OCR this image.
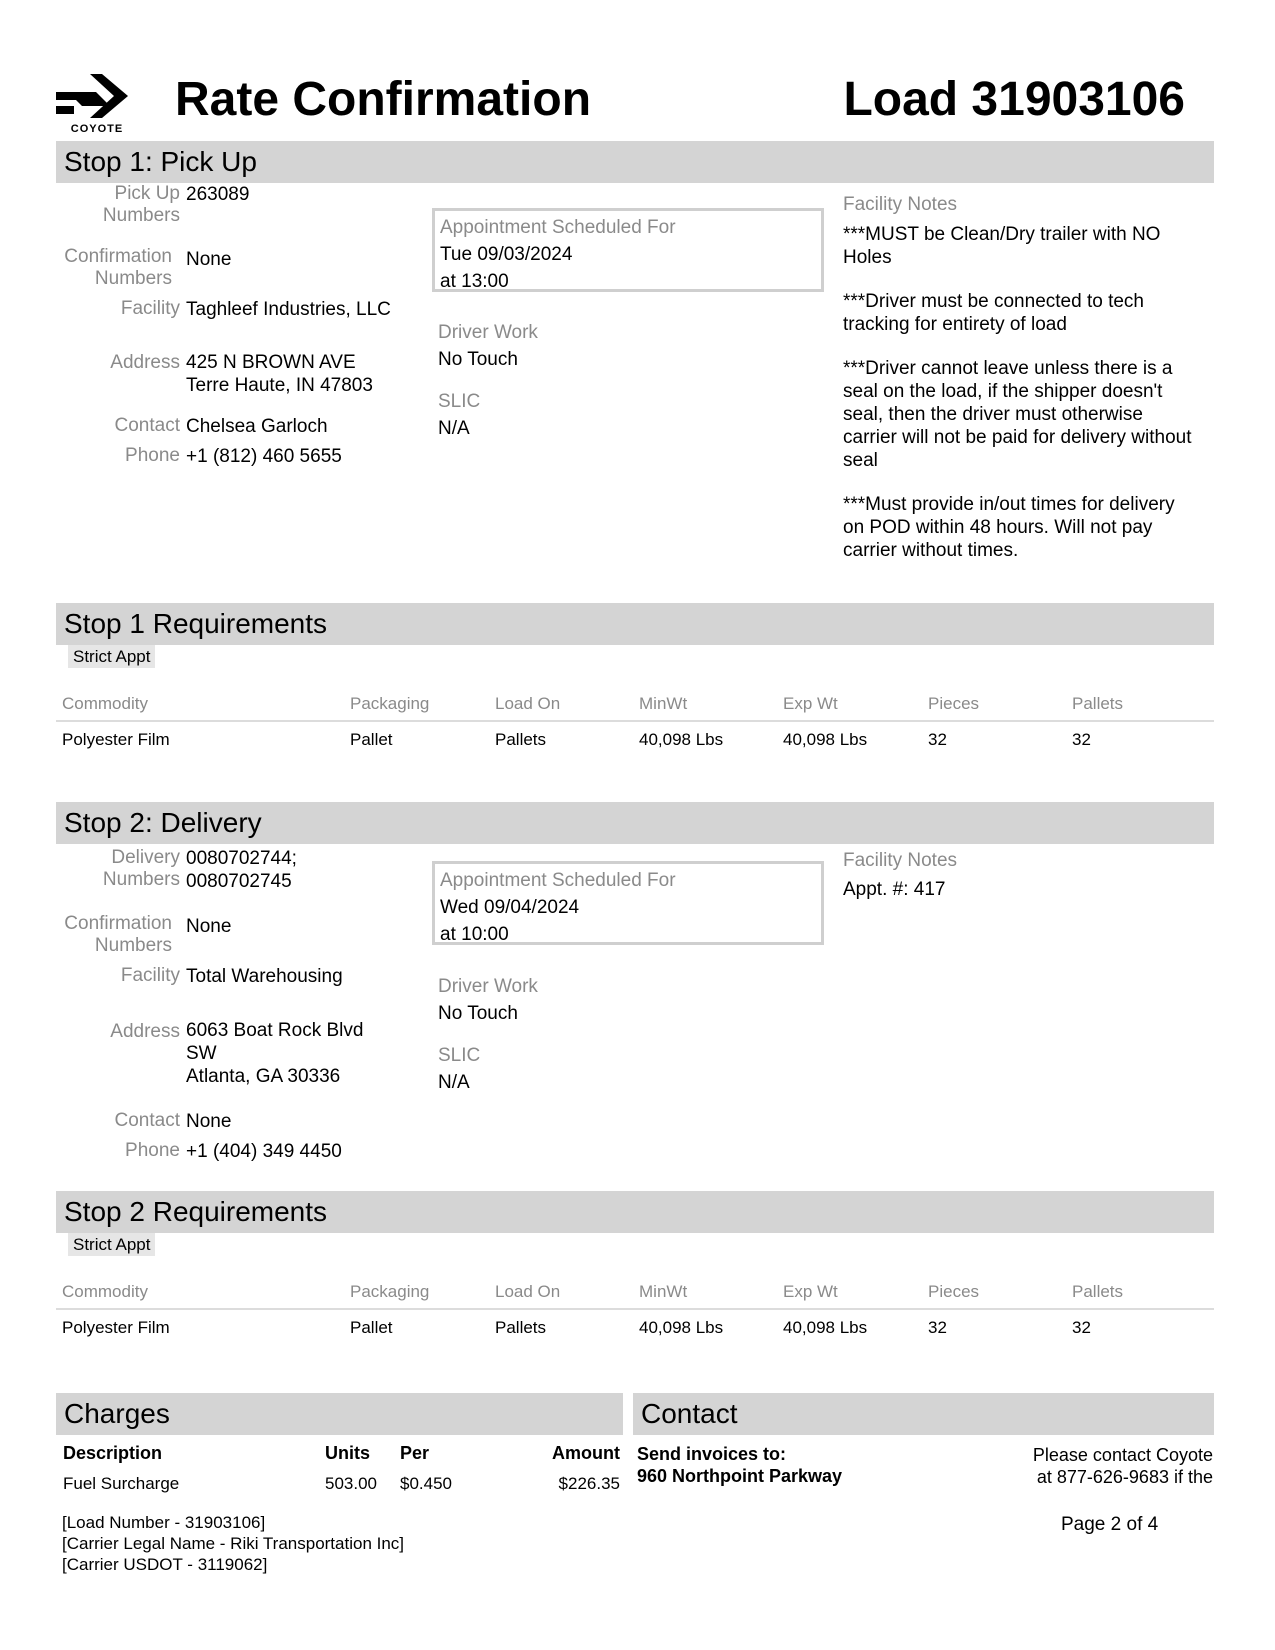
COYOTE
Rate Confirmation	Load 31903106
Stop 1: Pick Up
Pick Up
Numbers
263089
Confirmation
Numbers
None
Facility Taghleef Industries, LLC
Address 425 N BROWN AVE
Terre Haute, IN 47803
Contact Chelsea Garloch
Phone +1 (812) 460 5655
Appointment Scheduled For
Tue 09/03/2024
at 13:00
Driver Work
No Touch
SLIC
N/A
Facility Notes

***MUST be Clean/Dry trailer with NO Holes

***Driver must be connected to tech tracking for entirety of load

***Driver cannot leave unless there is a seal on the load, if the shipper doesn't seal, then the driver must otherwise carrier will not be paid for delivery without seal

***Must provide in/out times for delivery on POD within 48 hours. Will not pay carrier without times.

Stop 1 Requirements
Strict Appt
Commodity	Packaging	Load On	MinWt	Exp Wt	Pieces	Pallets
Polyester Film	Pallet	Pallets	40,098 Lbs	40,098 Lbs	32	32
Stop 2: Delivery
Delivery
Numbers
0080702744;
0080702745
Confirmation
Numbers
None
Facility Total Warehousing
Address 6063 Boat Rock Blvd
SW
Atlanta, GA 30336
Contact None
Phone +1 (404) 349 4450
Appointment Scheduled For
Wed 09/04/2024
at 10:00
Driver Work
No Touch
SLIC
N/A
Facility Notes

Appt. #: 417

Stop 2 Requirements
Strict Appt
Commodity	Packaging	Load On	MinWt	Exp Wt	Pieces	Pallets
Polyester Film	Pallet	Pallets	40,098 Lbs	40,098 Lbs	32	32
Charges
Description	Units Per	Amount
Fuel Surcharge	503.00 $0.450	$226.35
Contact
Send invoices to:
960 Northpoint Parkway
Please contact Coyote
at 877-626-9683 if the
[Load Number - 31903106]
[Carrier Legal Name - Riki Transportation Inc]
[Carrier USDOT - 3119062]
Page 2 of 4
